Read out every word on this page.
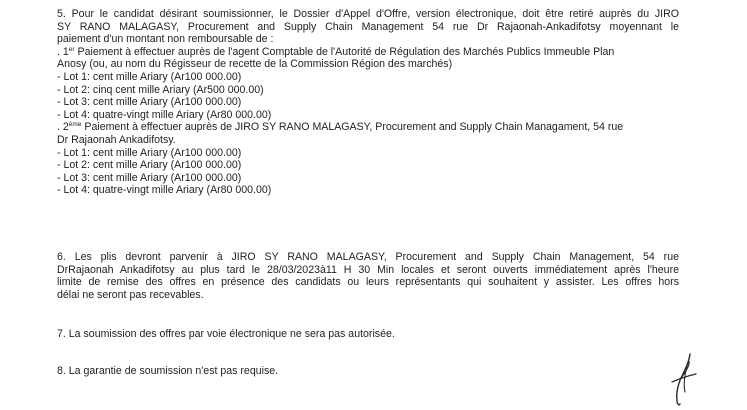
5. Pour le candidat désirant soumissionner, le Dossier d'Appel d'Offre, version électronique, doit être retiré auprès du JIRO

SY RANO MALAGASY, Procurement and Supply Chain Management 54 rue Dr Rajaonah-Ankadifotsy moyennant le

paiement d'un montant non remboursable de :

. 1er Paiement à effectuer auprès de l'agent Comptable de l'Autorité de Régulation des Marchés Publics Immeuble Plan

Anosy (ou, au nom du Régisseur de recette de la Commission Région des marchés)

- Lot 1: cent mille Ariary (Ar100 000.00)

- Lot 2: cinq cent mille Ariary (Ar500 000.00)

- Lot 3: cent mille Ariary (Ar100 000.00)

- Lot 4: quatre-vingt mille Ariary (Ar80 000.00)

. 2ème Paiement à effectuer auprès de JIRO SY RANO MALAGASY, Procurement and Supply Chain Managament, 54 rue

Dr Rajaonah Ankadifotsy.

- Lot 1: cent mille Ariary (Ar100 000.00)

- Lot 2: cent mille Ariary (Ar100 000.00)

- Lot 3: cent mille Ariary (Ar100 000.00)

- Lot 4: quatre-vingt mille Ariary (Ar80 000.00)

6. Les plis devront parvenir à JIRO SY RANO MALAGASY, Procurement and Supply Chain Management, 54 rue

DrRajaonah Ankadifotsy au plus tard le 28/03/2023à11 H 30 Min locales et seront ouverts immédiatement après l'heure

limite de remise des offres en présence des candidats ou leurs représentants qui souhaitent y assister. Les offres hors

délai ne seront pas recevables.

7. La soumission des offres par voie électronique ne sera pas autorisée.

8. La garantie de soumission n'est pas requise.
